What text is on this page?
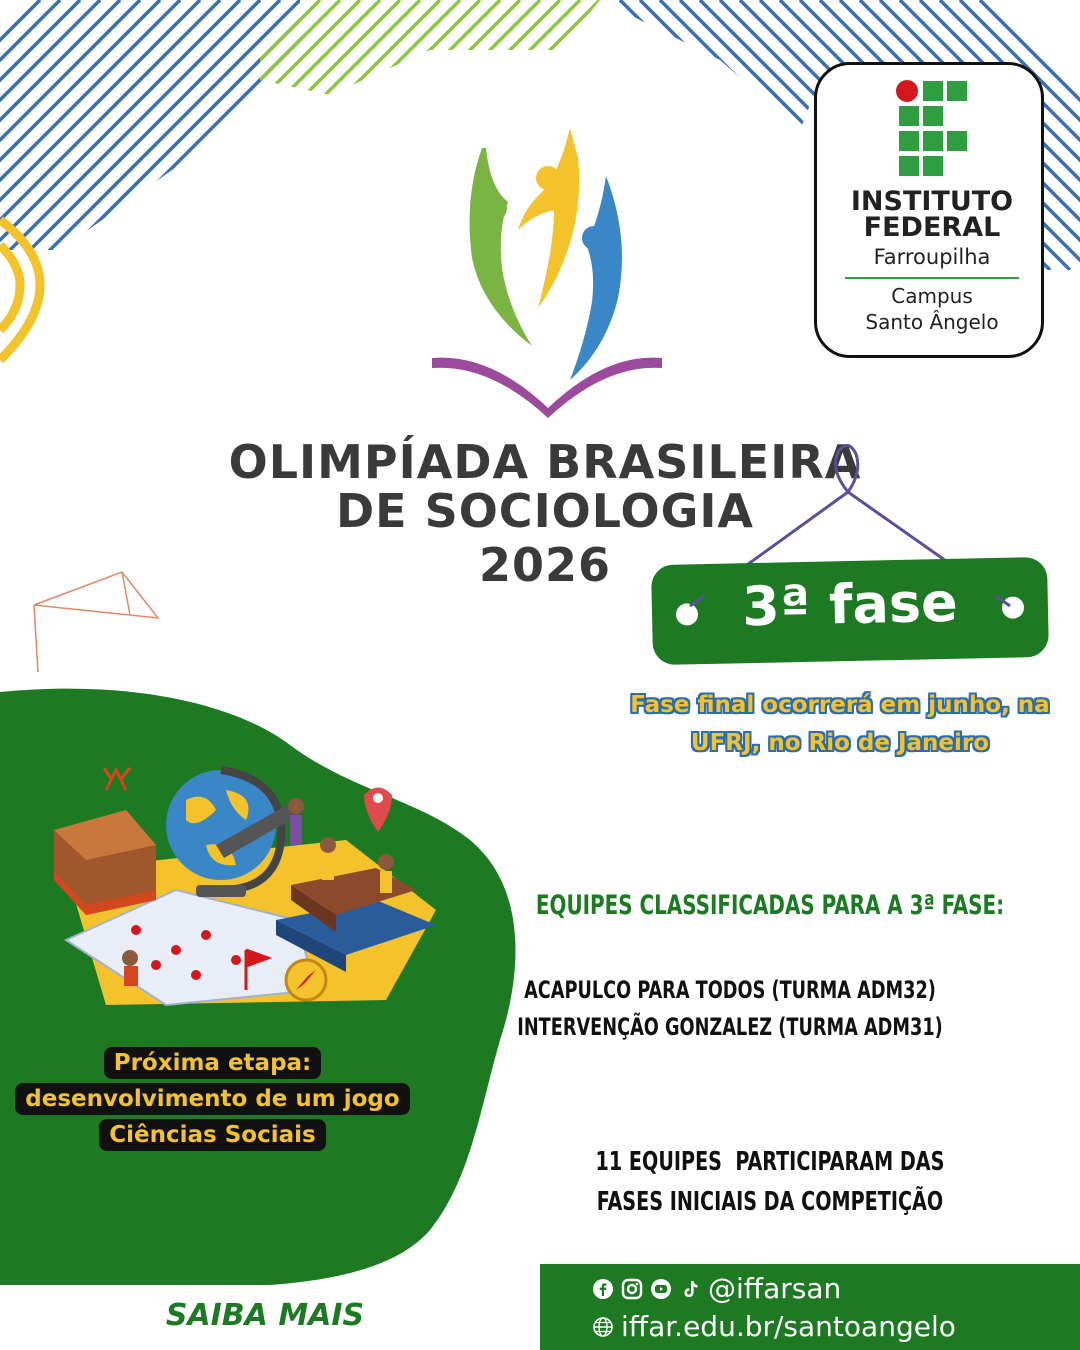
OLIMPÍADA BRASILEIRA
DE SOCIOLOGIA
2026
INSTITUTO
FEDERAL
Farroupilha
Campus
Santo Ângelo
3ª fase
Fase final ocorrerá em junho, na
UFRJ, no Rio de Janeiro
Próxima etapa:
desenvolvimento de um jogo
Ciências Sociais
EQUIPES CLASSIFICADAS PARA A 3ª FASE:
ACAPULCO PARA TODOS (TURMA ADM32)
INTERVENÇÃO GONZALEZ (TURMA ADM31)
11 EQUIPES  PARTICIPARAM DAS
FASES INICIAIS DA COMPETIÇÃO
SAIBA MAIS
@iffarsan
iffar.edu.br/santoangelo
